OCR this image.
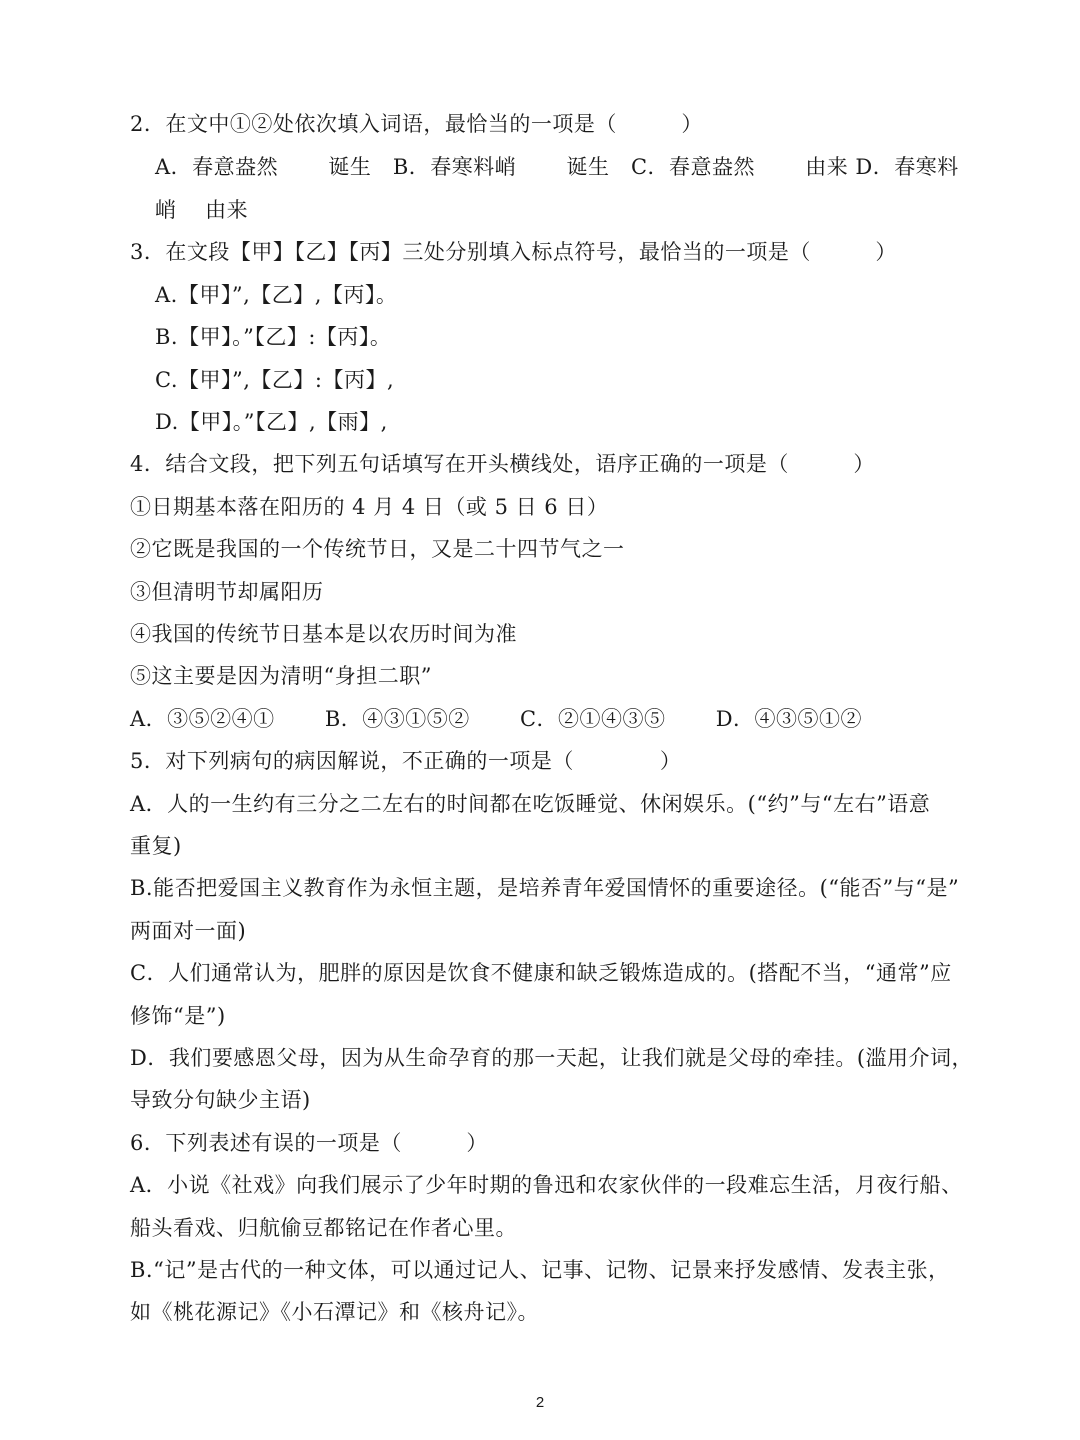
2．在文中①②处依次填入词语，最恰当的一项是（　　　）
A．春意盎然　　 诞生　B．春寒料峭　　 诞生　C．春意盎然　　 由来 D．春寒料
峭　 由来
3．在文段【甲】【乙】【丙】三处分别填入标点符号，最恰当的一项是（　　　）
A.【甲】”,【乙】,【丙】。
B.【甲】。”【乙】:【丙】。
C.【甲】”,【乙】:【丙】,
D.【甲】。”【乙】,【雨】,
4．结合文段，把下列五句话填写在开头横线处，语序正确的一项是（　　　）
①日期基本落在阳历的 4 月 4 日（或 5 日 6 日）
②它既是我国的一个传统节日，又是二十四节气之一
③但清明节却属阳历
④我国的传统节日基本是以农历时间为准
⑤这主要是因为清明“身担二职”
A．③⑤②④①　　 B．④③①⑤②　　 C．②①④③⑤　　 D．④③⑤①②
5．对下列病句的病因解说，不正确的一项是（　　　　）
A．人的一生约有三分之二左右的时间都在吃饭睡觉、休闲娱乐。(“约”与“左右”语意
重复)
B.能否把爱国主义教育作为永恒主题，是培养青年爱国情怀的重要途径。(“能否”与“是”
两面对一面)
C．人们通常认为，肥胖的原因是饮食不健康和缺乏锻炼造成的。(搭配不当，“通常”应
修饰“是”)
D．我们要感恩父母，因为从生命孕育的那一天起，让我们就是父母的牵挂。(滥用介词，
导致分句缺少主语)
6．下列表述有误的一项是（　　　）
A．小说《社戏》向我们展示了少年时期的鲁迅和农家伙伴的一段难忘生活，月夜行船、
船头看戏、归航偷豆都铭记在作者心里。
B.“记”是古代的一种文体，可以通过记人、记事、记物、记景来抒发感情、发表主张，
如《桃花源记》《小石潭记》和《核舟记》。
2
